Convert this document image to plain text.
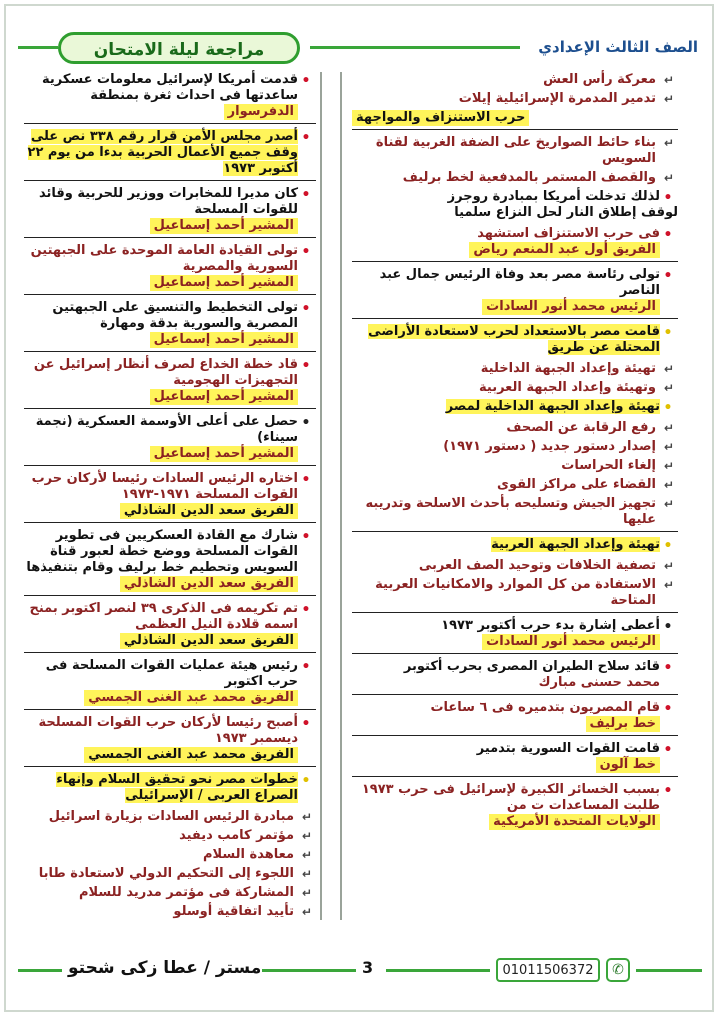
الصف الثالث الإعدادي
مراجعة ليلة الامتحان
↵
معركة رأس العش
↵
تدمير المدمرة الإسرائيلية إيلات
حرب الاستنزاف والمواجهة
↵
بناء حائط الصواريخ على الضفة الغربية لقناة السويس
↵
والقصف المستمر بالمدفعية لخط برليف
•
لذلك تدخلت أمريكا بمبادرة روجرز
لوقف إطلاق النار لحل النزاع سلميا
•
فى حرب الاستنزاف استشهد
الفريق أول عبد المنعم رياض
•
تولى رئاسة مصر بعد وفاة الرئيس جمال عبد الناصر
الرئيس محمد أنور السادات
•
قامت مصر بالاستعداد لحرب لاستعادة الأراضى المحتلة عن طريق
↵
تهيئة وإعداد الجبهة الداخلية
↵
وتهيئة وإعداد الجبهة العربية
•
تهيئة وإعداد الجبهة الداخلية لمصر
↵
رفع الرقابة عن الصحف
↵
إصدار دستور جديد ( دستور ١٩٧١)
↵
إلغاء الحراسات
↵
القضاء على مراكز القوى
↵
تجهيز الجيش وتسليحه بأحدث الاسلحة وتدريبه عليها
•
تهيئة وإعداد الجبهة العربية
↵
تصفية الخلافات وتوحيد الصف العربى
↵
الاستفادة من كل الموارد والامكانيات العربية المتاحة
•
أعطى إشارة بدء حرب أكتوبر ١٩٧٣
الرئيس محمد أنور السادات
•
قائد سلاح الطيران المصرى بحرب أكتوبر
محمد حسنى مبارك
•
قام المصريون بتدميره فى ٦ ساعات
خط برليف
•
قامت القوات السورية بتدمير
خط آلون
•
بسبب الخسائر الكبيرة لإسرائيل فى حرب ١٩٧٣ طلبت المساعدات ت من
الولايات المتحدة الأمريكية
•
قدمت أمريكا لإسرائيل معلومات عسكرية ساعدتها فى احداث ثغرة بمنطقة
الدفرسوار
•
أصدر مجلس الأمن قرار رقم ٣٣٨ نص على وقف جميع الأعمال الحربية بدءا من يوم ٢٢ أكتوبر ١٩٧٣
•
كان مديرا للمخابرات ووزير للحربية وقائد للقوات المسلحة
المشير أحمد إسماعيل
•
تولى القيادة العامة الموحدة على الجبهتين السورية والمصرية
المشير أحمد إسماعيل
•
تولى التخطيط والتنسيق على الجبهتين المصرية والسورية بدقة ومهارة
المشير أحمد إسماعيل
•
قاد خطة الخداع لصرف أنظار إسرائيل عن التجهيزات الهجومية
المشير أحمد إسماعيل
•
حصل على أعلى الأوسمة العسكرية (نجمة سيناء)
المشير أحمد إسماعيل
•
اختاره الرئيس السادات رئيسا لأركان حرب القوات المسلحة ١٩٧١-١٩٧٣
الفريق سعد الدين الشاذلي
•
شارك مع القادة العسكريين فى تطوير القوات المسلحة ووضع خطة لعبور قناة السويس وتحطيم خط برليف وقام بتنفيذها
الفريق سعد الدين الشاذلي
•
تم تكريمه فى الذكرى ٣٩ لنصر اكتوبر بمنح اسمه قلادة النيل العظمى
الفريق سعد الدين الشاذلي
•
رئيس هيئة عمليات القوات المسلحة فى حرب اكتوبر
الفريق محمد عبد الغنى الجمسي
•
أصبح رئيسا لأركان حرب القوات المسلحة ديسمبر ١٩٧٣
الفريق محمد عبد الغنى الجمسي
•
خطوات مصر نحو تحقيق السلام وإنهاء الصراع العربى / الإسرائيلى
↵
مبادرة الرئيس السادات بزيارة اسرائيل
↵
مؤتمر كامب ديفيد
↵
معاهدة السلام
↵
اللجوء إلى التحكيم الدولي لاستعادة طابا
↵
المشاركة فى مؤتمر مدريد للسلام
↵
تأييد اتفاقية أوسلو
مستر / عطا زكى شحتو	3	01011506372	✆
